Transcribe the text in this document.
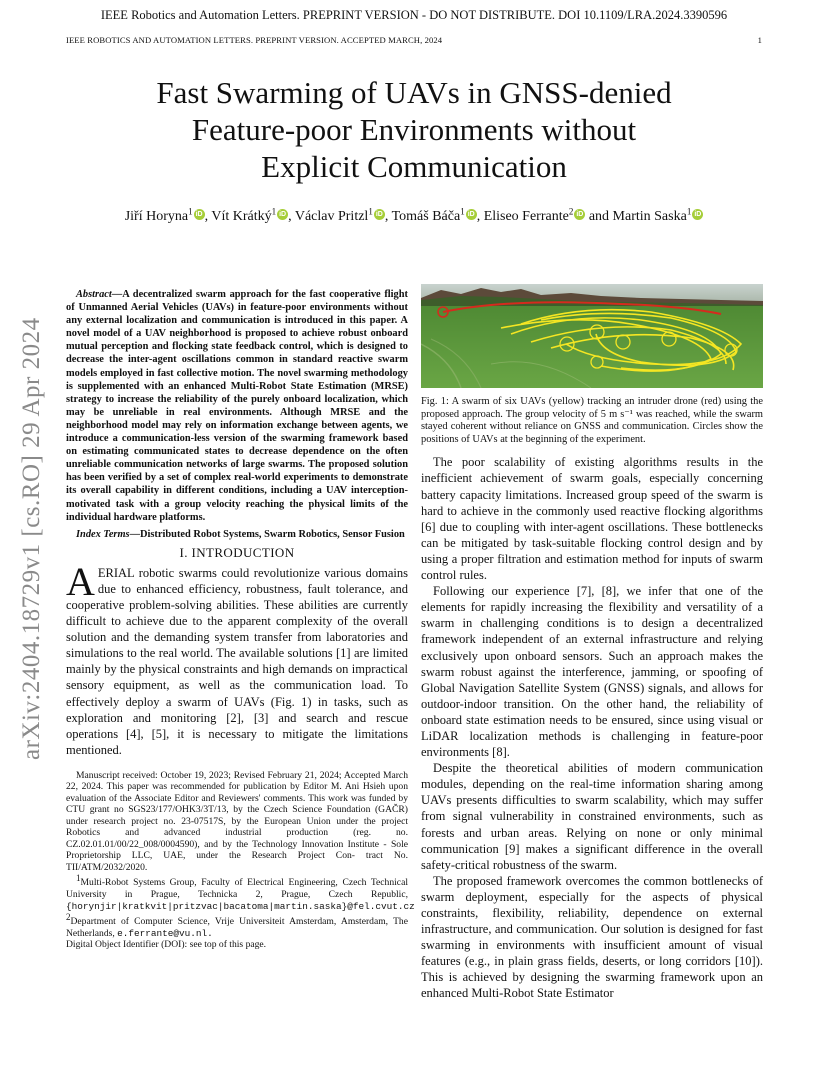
IEEE Robotics and Automation Letters. PREPRINT VERSION - DO NOT DISTRIBUTE. DOI 10.1109/LRA.2024.3390596
IEEE ROBOTICS AND AUTOMATION LETTERS. PREPRINT VERSION. ACCEPTED MARCH, 2024	1
arXiv:2404.18729v1 [cs.RO] 29 Apr 2024
Fast Swarming of UAVs in GNSS-denied
Feature-poor Environments without
Explicit Communication
Jiří Horyna$^1$ iD , Vít Krátký$^1$ iD , Václav Pritzl$^1$ iD , Tomáš Báča$^1$ iD , Eliseo Ferrante$^2$ iD and Martin Saska$^1$ iD

Abstract—A decentralized swarm approach for the fast cooperative flight of Unmanned Aerial Vehicles (UAVs) in feature-poor environments without any external localization and communication is introduced in this paper. A novel model of a UAV neighborhood is proposed to achieve robust onboard mutual perception and flocking state feedback control, which is designed to decrease the inter-agent oscillations common in standard reactive swarm models employed in fast collective motion. The novel swarming methodology is supplemented with an enhanced Multi-Robot State Estimation (MRSE) strategy to increase the reliability of the purely onboard localization, which may be unreliable in real environments. Although MRSE and the neighborhood model may rely on information exchange between agents, we introduce a communication-less version of the swarming framework based on estimating communicated states to decrease dependence on the often unreliable communication networks of large swarms. The proposed solution has been verified by a set of complex real-world experiments to demonstrate its overall capability in different conditions, including a UAV interception-motivated task with a group velocity reaching the physical limits of the individual hardware platforms.

Index Terms—Distributed Robot Systems, Swarm Robotics, Sensor Fusion

I. INTRODUCTION

AERIAL robotic swarms could revolutionize various domains due to enhanced efficiency, robustness, fault tolerance, and cooperative problem-solving abilities. These abilities are currently difficult to achieve due to the apparent complexity of the overall solution and the demanding system transfer from laboratories and simulations to the real world. The available solutions [1] are limited mainly by the physical constraints and high demands on impractical sensory equipment, as well as the communication load. To effectively deploy a swarm of UAVs (Fig. 1) in tasks, such as exploration and monitoring [2], [3] and search and rescue operations [4], [5], it is necessary to mitigate the limitations mentioned.

Manuscript received: October 19, 2023; Revised February 21, 2024; Accepted March 22, 2024. This paper was recommended for publication by Editor M. Ani Hsieh upon evaluation of the Associate Editor and Reviewers' comments. This work was funded by CTU grant no SGS23/177/OHK3/3T/13, by the Czech Science Foundation (GAČR) under research project no. 23-07517S, by the European Union under the project Robotics and advanced industrial production (reg. no. CZ.02.01.01/00/22_008/0004590), and by the Technology Innovation Institute - Sole Proprietorship LLC, UAE, under the Research Project Con- tract No. TII/ATM/2032/2020.

$^1$Multi-Robot Systems Group, Faculty of Electrical Engineering, Czech Technical University in Prague, Technicka 2, Prague, Czech Republic, {horynjir|kratkvit|pritzvac|bacatoma|martin.saska}@fel.cvut.cz

$^2$Department of Computer Science, Vrije Universiteit Amsterdam, Amsterdam, The Netherlands, e.ferrante@vu.nl.

Digital Object Identifier (DOI): see top of this page.

Fig. 1: A swarm of six UAVs (yellow) tracking an intruder drone (red) using the proposed approach. The group velocity of 5 m s⁻¹ was reached, while the swarm stayed coherent without reliance on GNSS and communication. Circles show the positions of UAVs at the beginning of the experiment.

The poor scalability of existing algorithms results in the inefficient achievement of swarm goals, especially concerning battery capacity limitations. Increased group speed of the swarm is hard to achieve in the commonly used reactive flocking algorithms [6] due to coupling with inter-agent oscillations. These bottlenecks can be mitigated by task-suitable flocking control design and by using a proper filtration and estimation method for inputs of swarm control rules.

Following our experience [7], [8], we infer that one of the elements for rapidly increasing the flexibility and versatility of a swarm in challenging conditions is to design a decentralized framework independent of an external infrastructure and relying exclusively upon onboard sensors. Such an approach makes the swarm robust against the interference, jamming, or spoofing of Global Navigation Satellite System (GNSS) signals, and allows for outdoor-indoor transition. On the other hand, the reliability of onboard state estimation needs to be ensured, since using visual or LiDAR localization methods is challenging in feature-poor environments [8].

Despite the theoretical abilities of modern communication modules, depending on the real-time information sharing among UAVs presents difficulties to swarm scalability, which may suffer from signal vulnerability in constrained environments, such as forests and urban areas. Relying on none or only minimal communication [9] makes a significant difference in the overall safety-critical robustness of the swarm.

The proposed framework overcomes the common bottlenecks of swarm deployment, especially for the aspects of physical constraints, flexibility, reliability, dependence on external infrastructure, and communication. Our solution is designed for fast swarming in environments with insufficient amount of visual features (e.g., in plain grass fields, deserts, or long corridors [10]). This is achieved by designing the swarming framework upon an enhanced Multi-Robot State Estimator
